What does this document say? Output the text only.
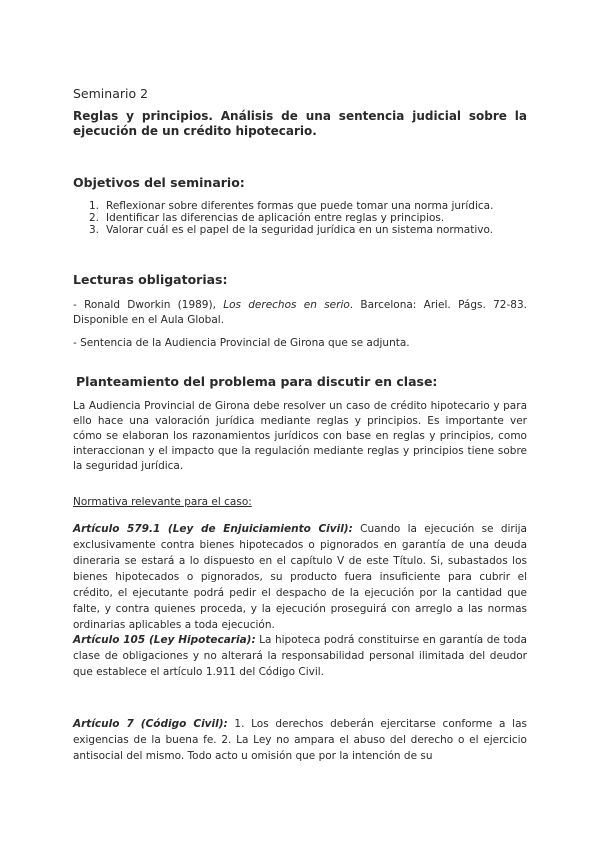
Seminario 2

Reglas y principios. Análisis de una sentencia judicial sobre la ejecución de un crédito hipotecario.

Objetivos del seminario:

1. Reflexionar sobre diferentes formas que puede tomar una norma jurídica.
2. Identificar las diferencias de aplicación entre reglas y principios.
3. Valorar cuál es el papel de la seguridad jurídica en un sistema normativo.

Lecturas obligatorias:

- Ronald Dworkin (1989), Los derechos en serio. Barcelona: Ariel. Págs. 72-83. Disponible en el Aula Global.

- Sentencia de la Audiencia Provincial de Girona que se adjunta.

Planteamiento del problema para discutir en clase:

La Audiencia Provincial de Girona debe resolver un caso de crédito hipotecario y para ello hace una valoración jurídica mediante reglas y principios. Es importante ver cómo se elaboran los razonamientos jurídicos con base en reglas y principios, como interaccionan y el impacto que la regulación mediante reglas y principios tiene sobre la seguridad jurídica.

Normativa relevante para el caso:

Artículo 579.1 (Ley de Enjuiciamiento Civil): Cuando la ejecución se dirija exclusivamente contra bienes hipotecados o pignorados en garantía de una deuda dineraria se estará a lo dispuesto en el capítulo V de este Título. Si, subastados los bienes hipotecados o pignorados, su producto fuera insuficiente para cubrir el crédito, el ejecutante podrá pedir el despacho de la ejecución por la cantidad que falte, y contra quienes proceda, y la ejecución proseguirá con arreglo a las normas ordinarias aplicables a toda ejecución.

Artículo 105 (Ley Hipotecaria): La hipoteca podrá constituirse en garantía de toda clase de obligaciones y no alterará la responsabilidad personal ilimitada del deudor que establece el artículo 1.911 del Código Civil.

Artículo 7 (Código Civil): 1. Los derechos deberán ejercitarse conforme a las exigencias de la buena fe. 2. La Ley no ampara el abuso del derecho o el ejercicio antisocial del mismo. Todo acto u omisión que por la intención de su
